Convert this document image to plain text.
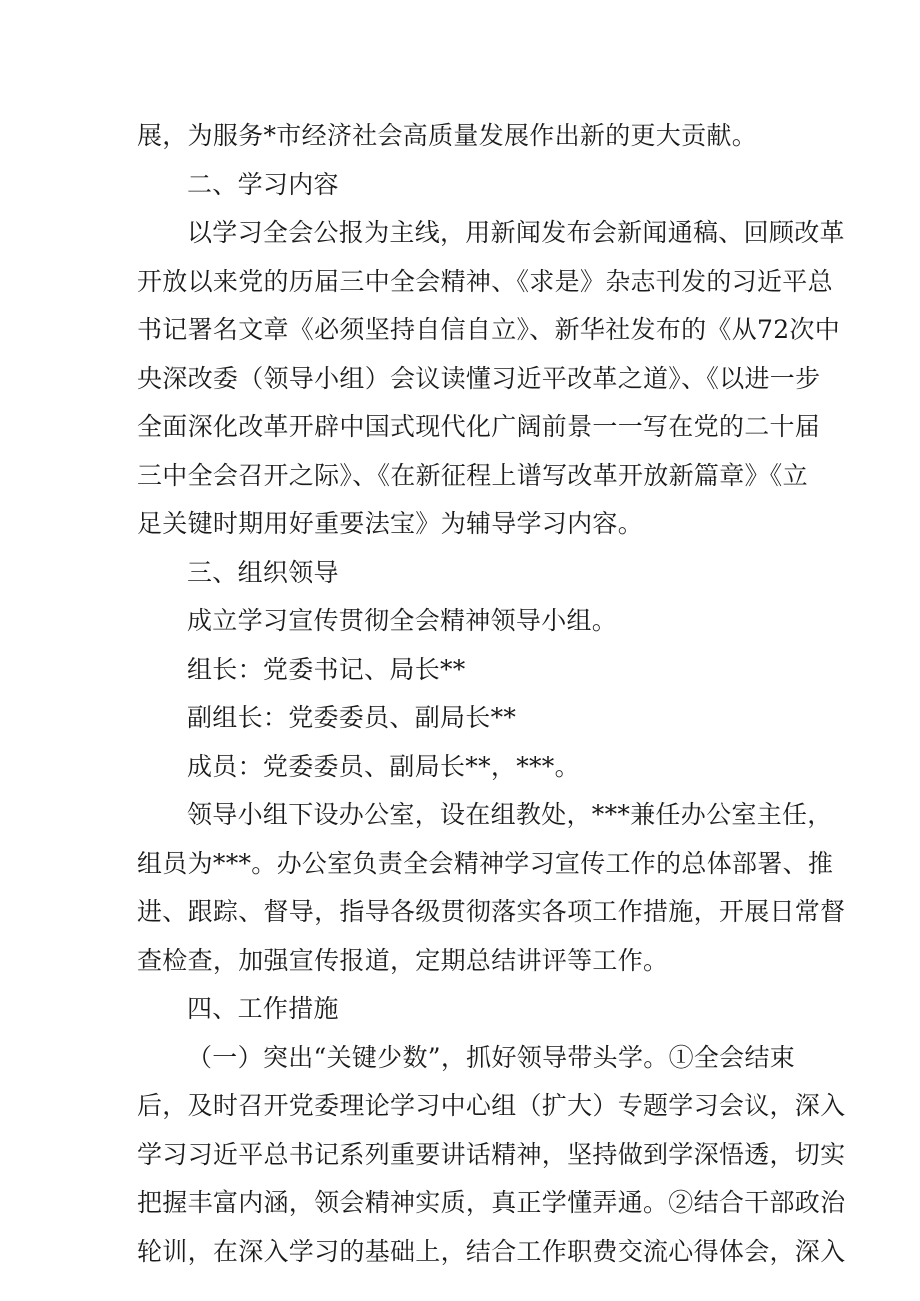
展，为服务*市经济社会高质量发展作出新的更大贡献。
二、学习内容
以学习全会公报为主线，用新闻发布会新闻通稿、回顾改革
开放以来党的历届三中全会精神、《求是》杂志刊发的习近平总
书记署名文章《必须坚持自信自立》、新华社发布的《从72次中
央深改委（领导小组）会议读懂习近平改革之道》、《以进一步
全面深化改革开辟中国式现代化广阔前景一一写在党的二十届
三中全会召开之际》、《在新征程上谱写改革开放新篇章》《立
足关键时期用好重要法宝》为辅导学习内容。
三、组织领导
成立学习宣传贯彻全会精神领导小组。
组长：党委书记、局长**
副组长：党委委员、副局长**
成员：党委委员、副局长**，***。
领导小组下设办公室，设在组教处，***兼任办公室主任，
组员为***。办公室负责全会精神学习宣传工作的总体部署、推
进、跟踪、督导，指导各级贯彻落实各项工作措施，开展日常督
查检查，加强宣传报道，定期总结讲评等工作。
四、工作措施
（一）突出“关键少数”，抓好领导带头学。①全会结束
后，及时召开党委理论学习中心组（扩大）专题学习会议，深入
学习习近平总书记系列重要讲话精神，坚持做到学深悟透，切实
把握丰富内涵，领会精神实质，真正学懂弄通。②结合干部政治
轮训，在深入学习的基础上，结合工作职费交流心得体会，深入
